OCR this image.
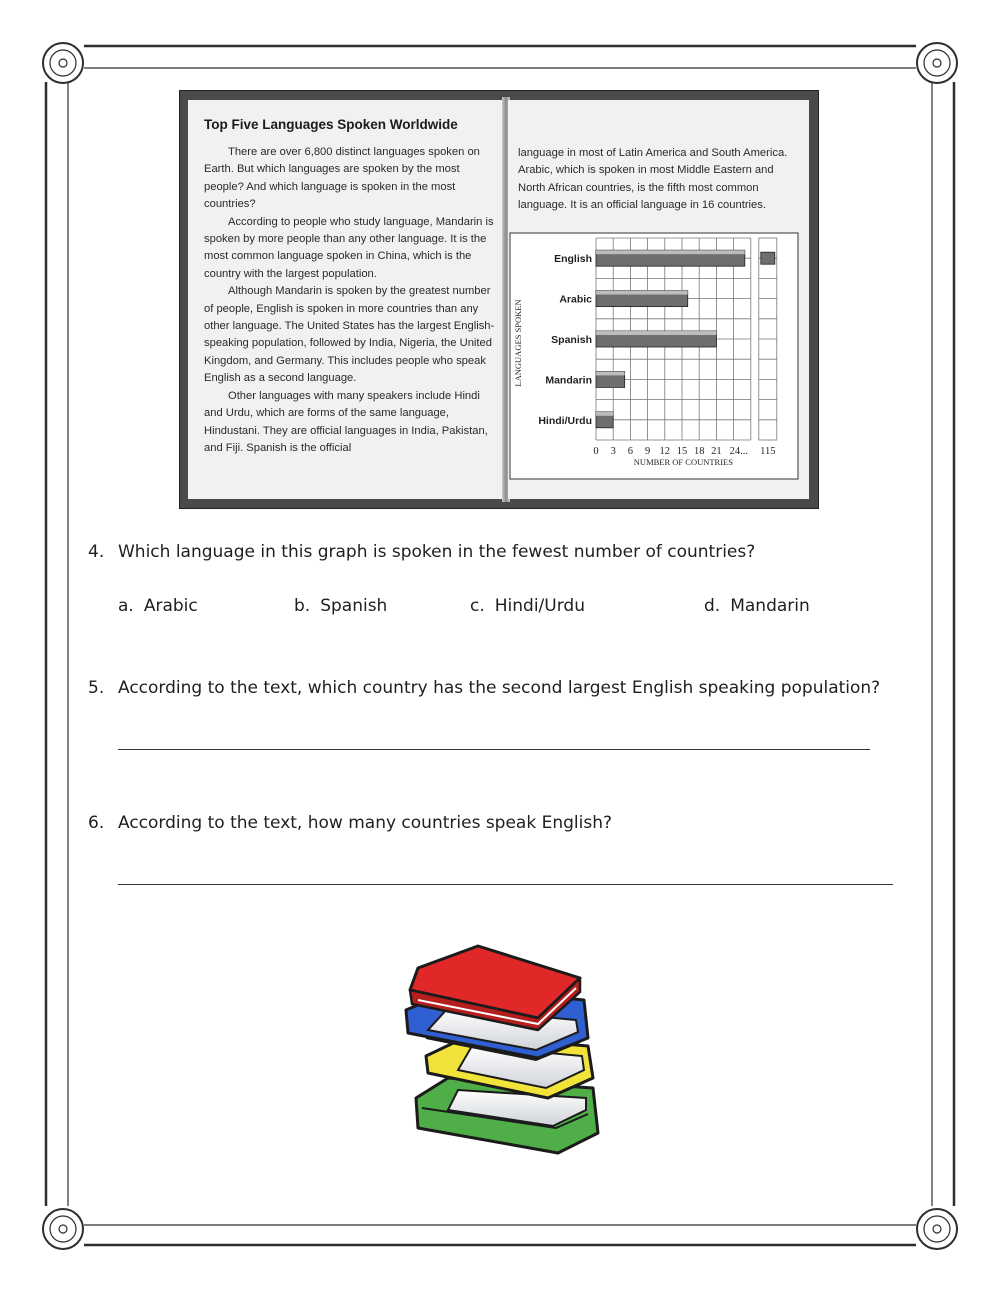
Top Five Languages Spoken Worldwide

There are over 6,800 distinct languages spoken on Earth. But which languages are spoken by the most people? And which language is spoken in the most countries?

According to people who study language, Mandarin is spoken by more people than any other language. It is the most common language spoken in China, which is the country with the largest population.

Although Mandarin is spoken by the greatest number of people, English is spoken in more countries than any other language. The United States has the largest English-speaking population, followed by India, Nigeria, the United Kingdom, and Germany. This includes people who speak English as a second language.

Other languages with many speakers include Hindi and Urdu, which are forms of the same language, Hindustani. They are official languages in India, Pakistan, and Fiji. Spanish is the official

language in most of Latin America and South America. Arabic, which is spoken in most Middle Eastern and North African countries, is the fifth most common language. It is an official language in 16 countries.

English
Arabic
Spanish
Mandarin
Hindi/Urdu
0 3 6 9 12 15 18 21 24... 115
NUMBER OF COUNTRIES
LANGUAGES SPOKEN
4. Which language in this graph is spoken in the fewest number of countries?
a. Arabic	b. Spanish	c. Hindi/Urdu	d. Mandarin
5. According to the text, which country has the second largest English speaking population?
6. According to the text, how many countries speak English?
